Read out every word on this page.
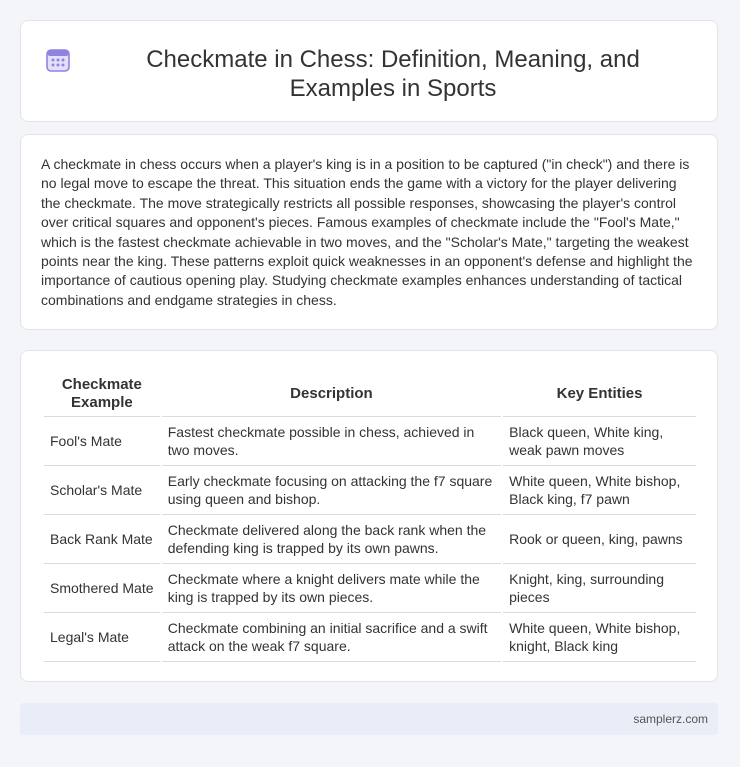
Checkmate in Chess: Definition, Meaning, and Examples in Sports

A checkmate in chess occurs when a player's king is in a position to be captured ("in check") and there is no legal move to escape the threat. This situation ends the game with a victory for the player delivering the checkmate. The move strategically restricts all possible responses, showcasing the player's control over critical squares and opponent's pieces. Famous examples of checkmate include the "Fool's Mate," which is the fastest checkmate achievable in two moves, and the "Scholar's Mate," targeting the weakest points near the king. These patterns exploit quick weaknesses in an opponent's defense and highlight the importance of cautious opening play. Studying checkmate examples enhances understanding of tactical combinations and endgame strategies in chess.

Checkmate Example	Description	Key Entities
Fool's Mate	Fastest checkmate possible in chess, achieved in two moves.	Black queen, White king, weak pawn moves
Scholar's Mate	Early checkmate focusing on attacking the f7 square using queen and bishop.	White queen, White bishop, Black king, f7 pawn
Back Rank Mate	Checkmate delivered along the back rank when the defending king is trapped by its own pawns.	Rook or queen, king, pawns
Smothered Mate	Checkmate where a knight delivers mate while the king is trapped by its own pieces.	Knight, king, surrounding pieces
Legal's Mate	Checkmate combining an initial sacrifice and a swift attack on the weak f7 square.	White queen, White bishop, knight, Black king
samplerz.com
